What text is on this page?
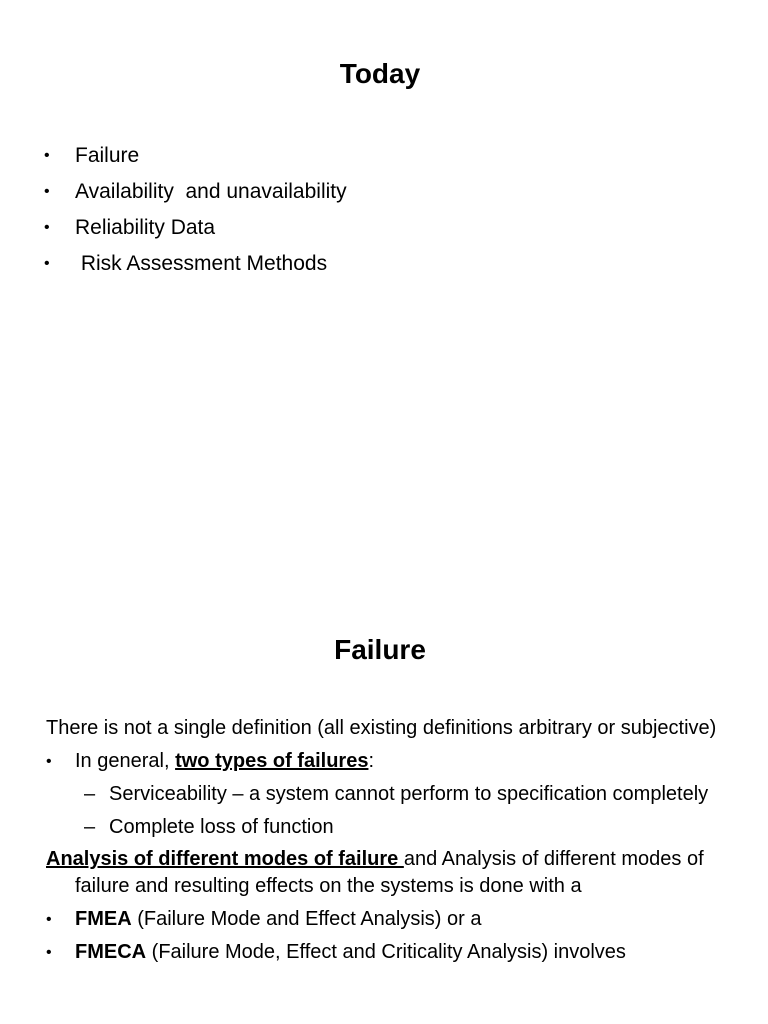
Today
•	Failure
•	Availability  and unavailability
•	Reliability Data
•	Risk Assessment Methods
Failure

There is not a single definition (all existing definitions arbitrary or subjective)

• In general, two types of failures:

– Serviceability – a system cannot perform to specification completely

– Complete loss of function

Analysis of different modes of failure and Analysis of different modes of failure and resulting effects on the systems is done with a

• FMEA (Failure Mode and Effect Analysis) or a

• FMECA (Failure Mode, Effect and Criticality Analysis) involves
